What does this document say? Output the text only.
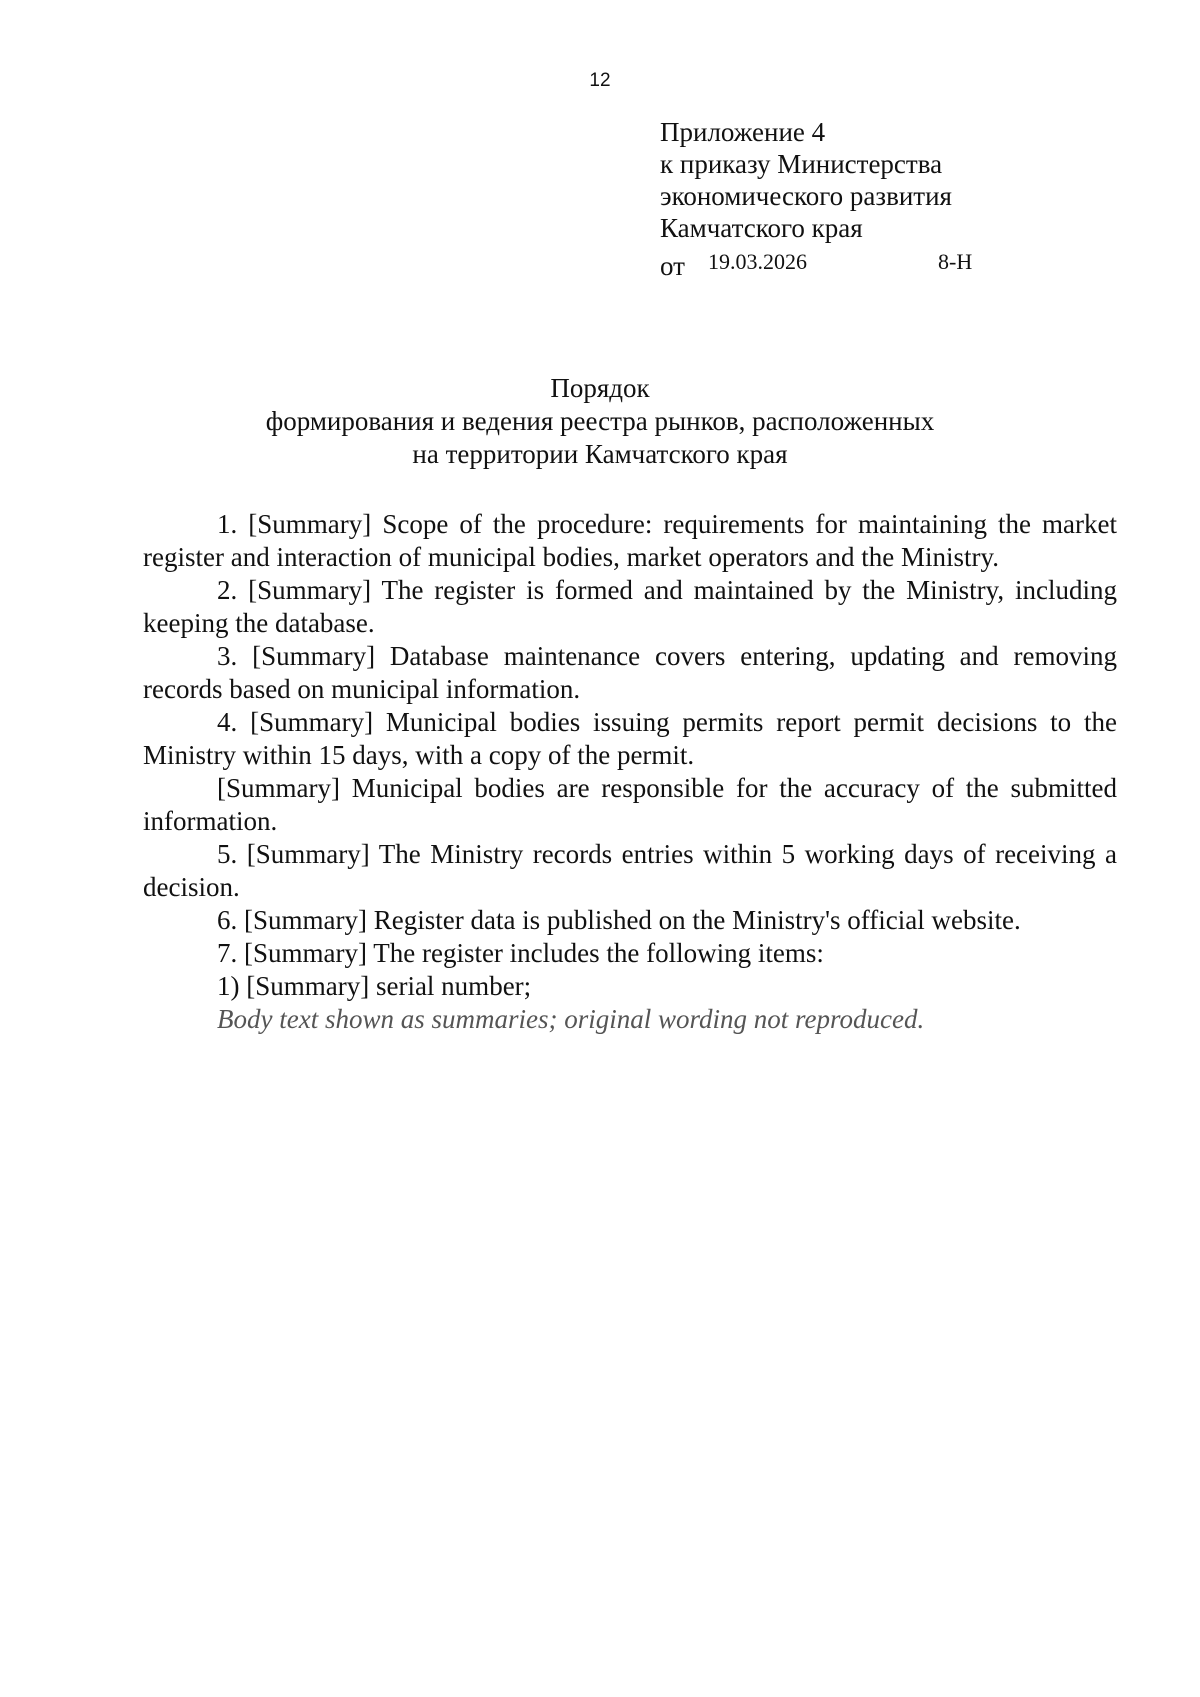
12
Приложение 4
к приказу Министерства
экономического развития
Камчатского края
от	19.03.2026	8-Н
Порядок
формирования и ведения реестра рынков, расположенных
на территории Камчатского края

1. [Summary] Scope of the procedure: requirements for maintaining the market register and interaction of municipal bodies, market operators and the Ministry.

2. [Summary] The register is formed and maintained by the Ministry, including keeping the database.

3. [Summary] Database maintenance covers entering, updating and removing records based on municipal information.

4. [Summary] Municipal bodies issuing permits report permit decisions to the Ministry within 15 days, with a copy of the permit.

[Summary] Municipal bodies are responsible for the accuracy of the submitted information.

5. [Summary] The Ministry records entries within 5 working days of receiving a decision.

6. [Summary] Register data is published on the Ministry's official website.

7. [Summary] The register includes the following items:

1) [Summary] serial number;

Body text shown as summaries; original wording not reproduced.
